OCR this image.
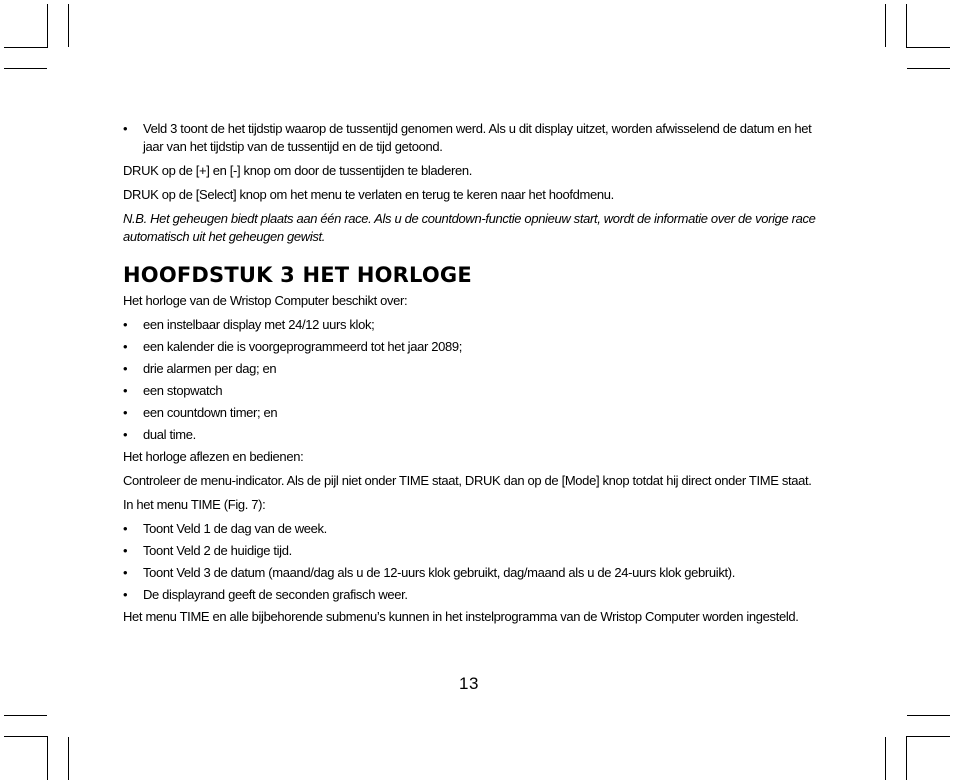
• Veld 3 toont de het tijdstip waarop de tussentijd genomen werd. Als u dit display uitzet, worden afwisselend de datum en het jaar van het tijdstip van de tussentijd en de tijd getoond.

DRUK op de [+] en [-] knop om door de tussentijden te bladeren.

DRUK op de [Select] knop om het menu te verlaten en terug te keren naar het hoofdmenu.

N.B. Het geheugen biedt plaats aan één race. Als u de countdown-functie opnieuw start, wordt de informatie over de vorige race automatisch uit het geheugen gewist.

HOOFDSTUK 3 HET HORLOGE

Het horloge van de Wristop Computer beschikt over:

• een instelbaar display met 24/12 uurs klok;
• een kalender die is voorgeprogrammeerd tot het jaar 2089;
• drie alarmen per dag; en
• een stopwatch
• een countdown timer; en
• dual time.

Het horloge aflezen en bedienen:

Controleer de menu-indicator. Als de pijl niet onder TIME staat, DRUK dan op de [Mode] knop totdat hij direct onder TIME staat.

In het menu TIME (Fig. 7):

• Toont Veld 1 de dag van de week.
• Toont Veld 2 de huidige tijd.
• Toont Veld 3 de datum (maand/dag als u de 12-uurs klok gebruikt, dag/maand als u de 24-uurs klok gebruikt).
• De displayrand geeft de seconden grafisch weer.

Het menu TIME en alle bijbehorende submenu’s kunnen in het instelprogramma van de Wristop Computer worden ingesteld.

13
